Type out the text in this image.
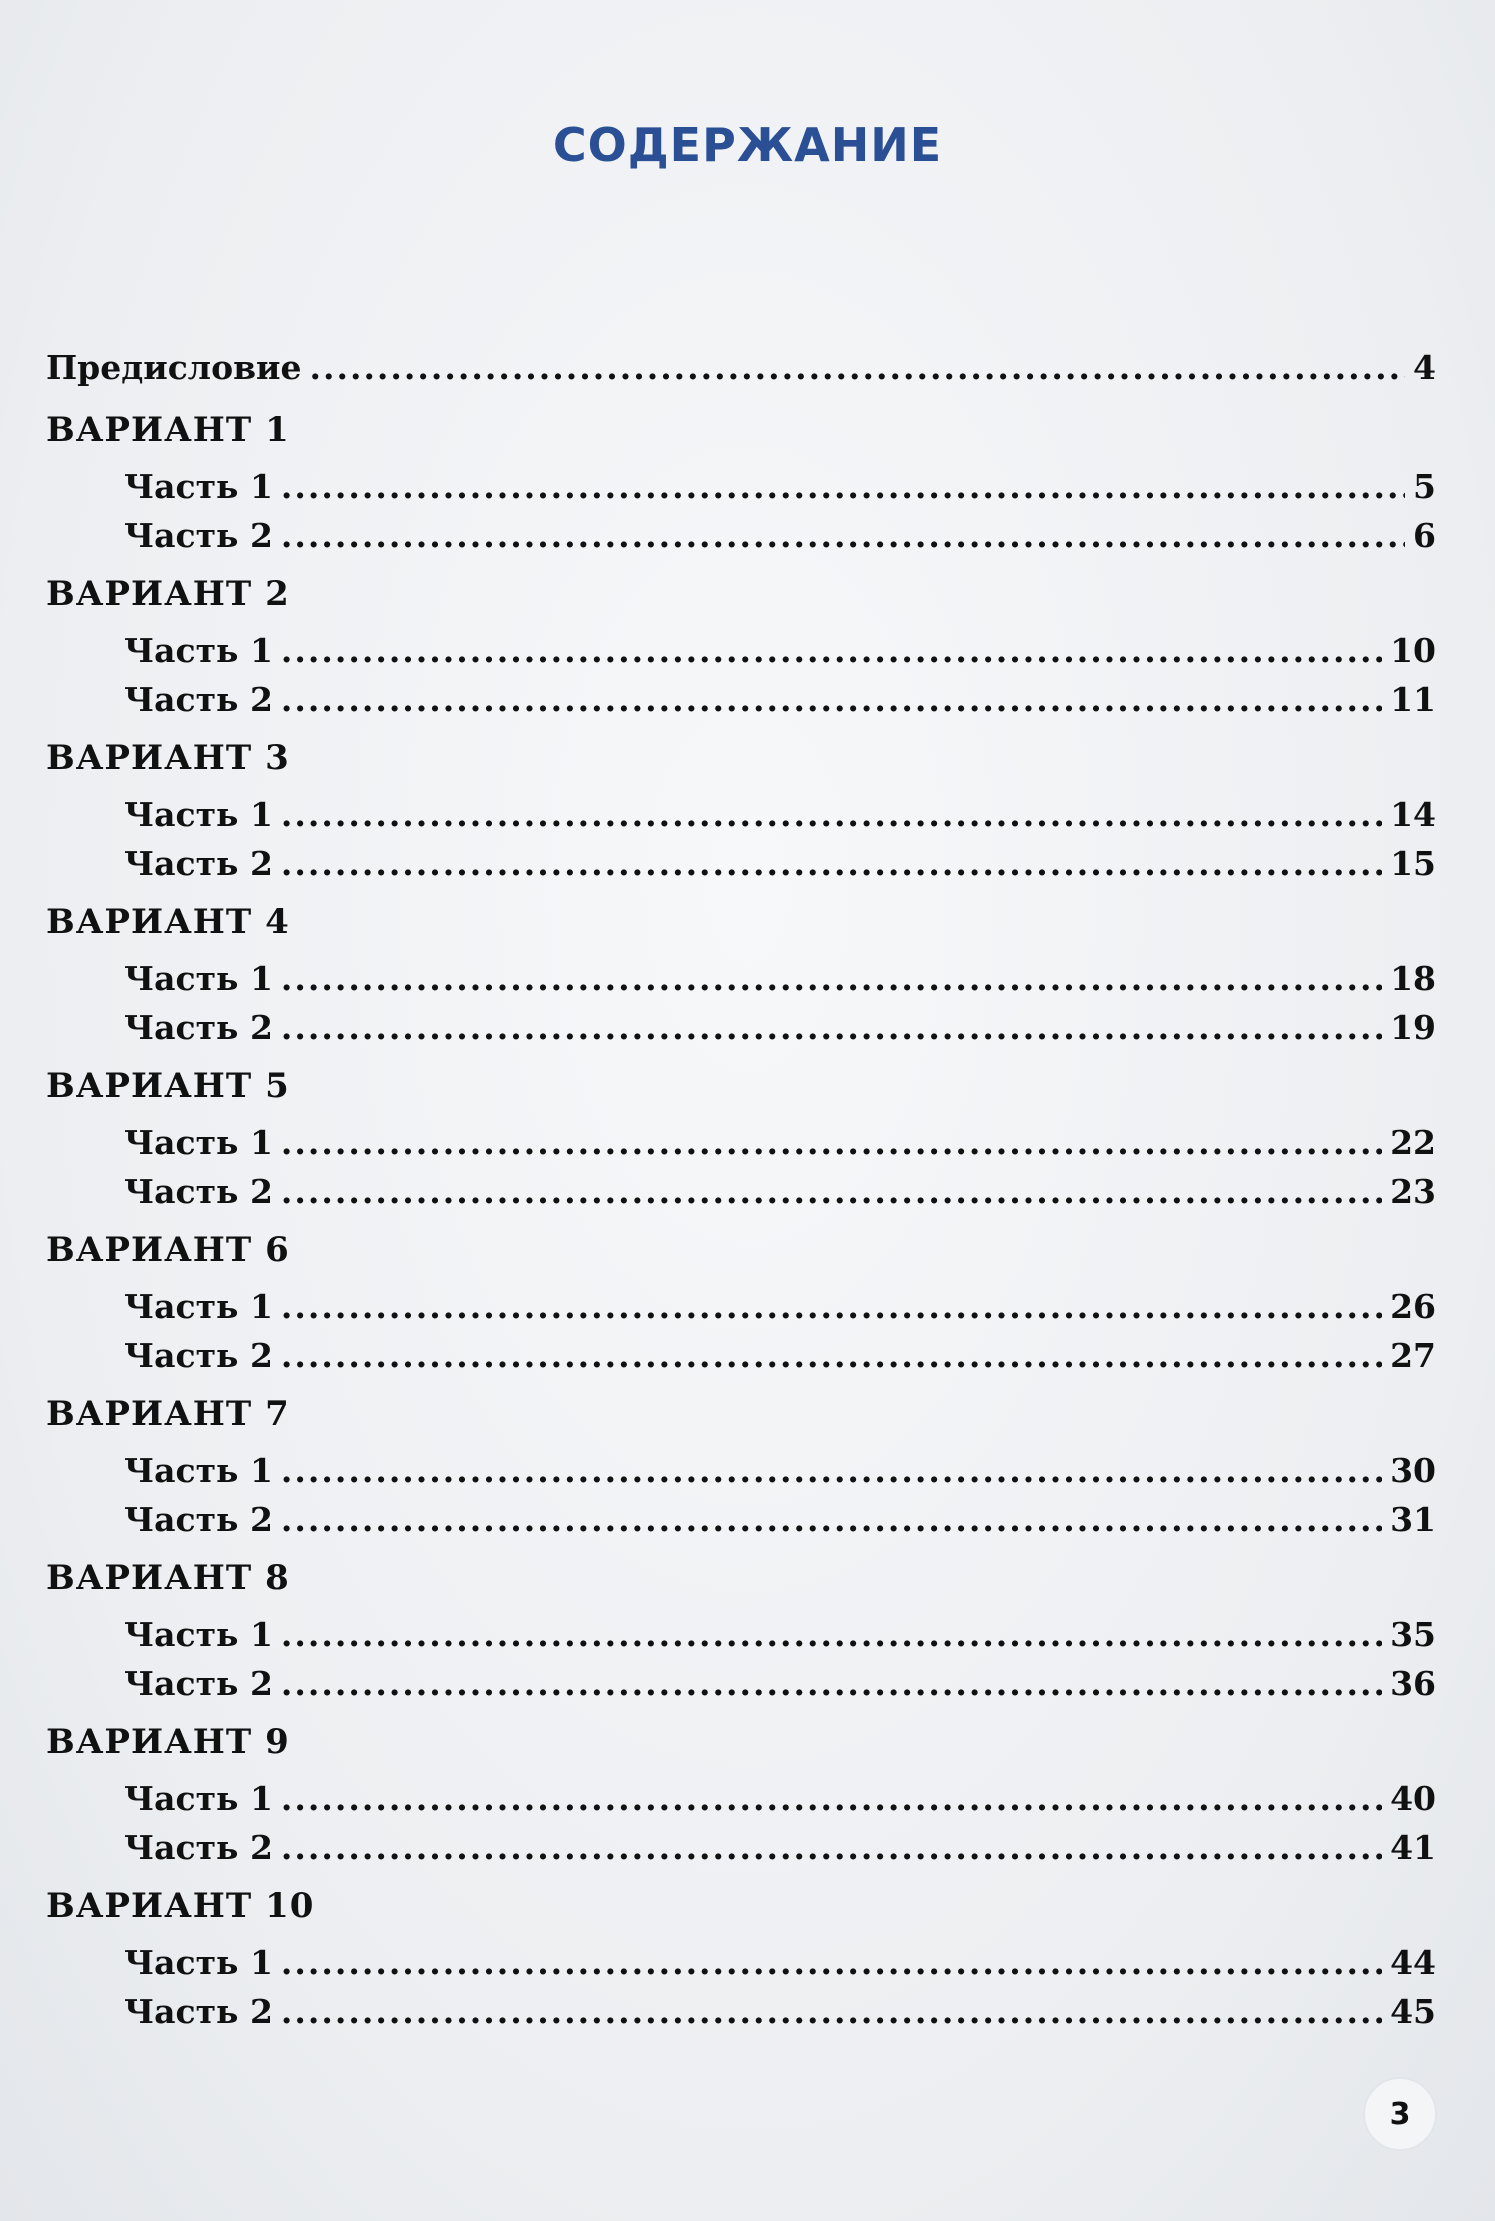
СОДЕРЖАНИЕ
Предисловие .....	4
ВАРИАНТ 1
Часть 1 .....	5
Часть 2 .....	6
ВАРИАНТ 2
Часть 1 .....	10
Часть 2 .....	11
ВАРИАНТ 3
Часть 1 .....	14
Часть 2 .....	15
ВАРИАНТ 4
Часть 1 .....	18
Часть 2 .....	19
ВАРИАНТ 5
Часть 1 .....	22
Часть 2 .....	23
ВАРИАНТ 6
Часть 1 .....	26
Часть 2 .....	27
ВАРИАНТ 7
Часть 1 .....	30
Часть 2 .....	31
ВАРИАНТ 8
Часть 1 .....	35
Часть 2 .....	36
ВАРИАНТ 9
Часть 1 .....	40
Часть 2 .....	41
ВАРИАНТ 10
Часть 1 .....	44
Часть 2 .....	45
3
